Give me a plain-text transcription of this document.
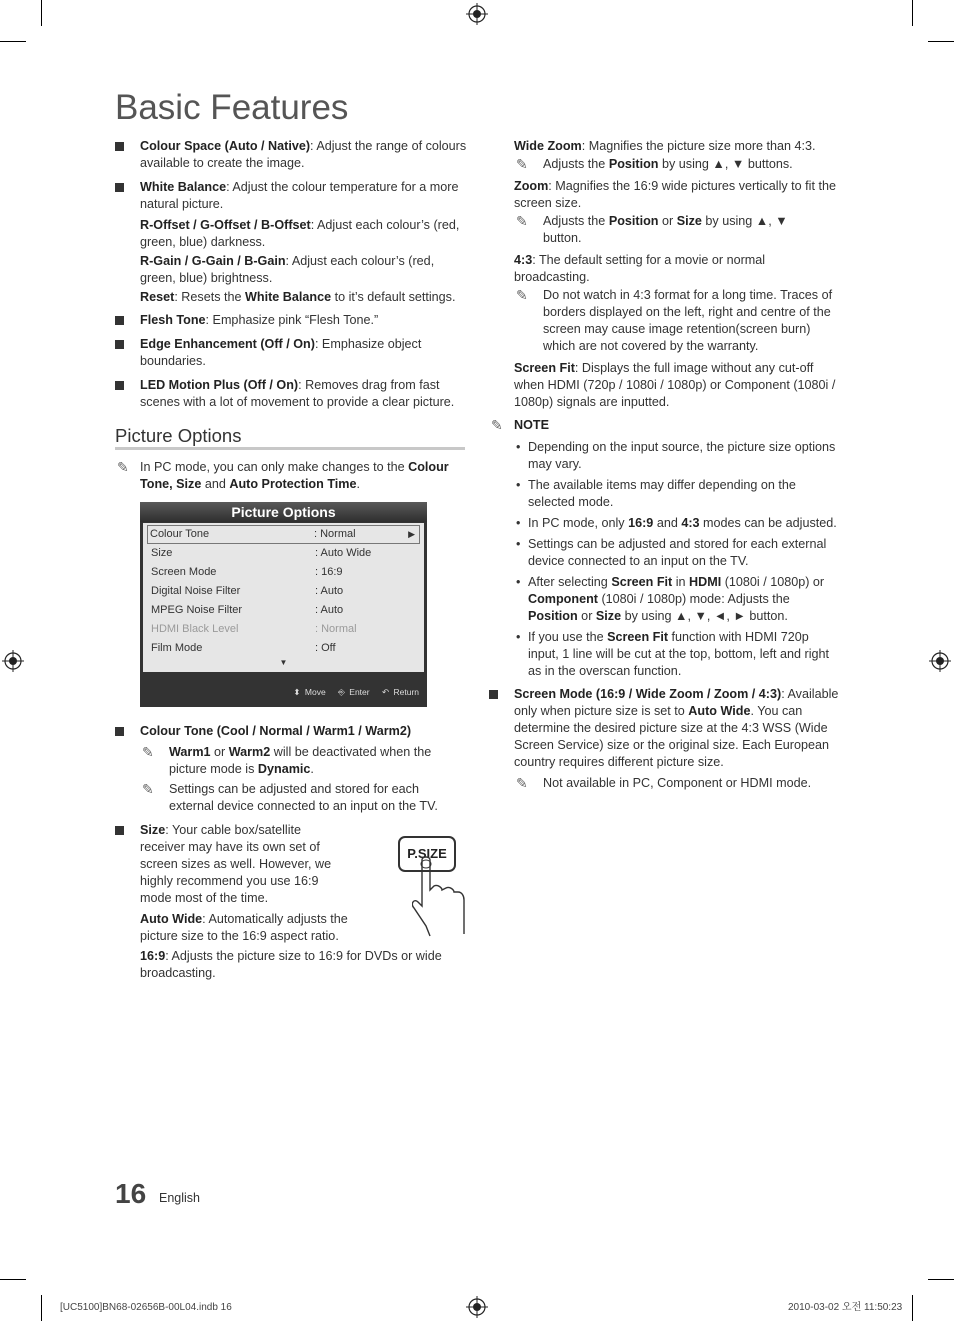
Basic Features
Colour Space (Auto / Native): Adjust the range of colours available to create the image.
White Balance: Adjust the colour temperature for a more natural picture.
R-Offset / G-Offset / B-Offset: Adjust each colour’s (red, green, blue) darkness.
R-Gain / G-Gain / B-Gain: Adjust each colour’s (red, green, blue) brightness.
Reset: Resets the White Balance to it’s default settings.
Flesh Tone: Emphasize pink “Flesh Tone.”
Edge Enhancement (Off / On): Emphasize object boundaries.
LED Motion Plus (Off / On): Removes drag from fast scenes with a lot of movement to provide a clear picture.
Picture Options
✎ In PC mode, you can only make changes to the Colour Tone, Size and Auto Protection Time.
Picture Options
Colour Tone	: Normal	▶
Size	: Auto Wide
Screen Mode	: 16:9
Digital Noise Filter	: Auto
MPEG Noise Filter	: Auto
HDMI Black Level	: Normal
Film Mode	: Off
▼
⬍ Move ⎆ Enter ↶ Return
Colour Tone (Cool / Normal / Warm1 / Warm2)
✎ Warm1 or Warm2 will be deactivated when the picture mode is Dynamic.
✎ Settings can be adjusted and stored for each external device connected to an input on the TV.
Size: Your cable box/satellite receiver may have its own set of screen sizes as well. However, we highly recommend you use 16:9 mode most of the time.
Auto Wide: Automatically adjusts the picture size to the 16:9 aspect ratio.
16:9: Adjusts the picture size to 16:9 for DVDs or wide broadcasting.
P.SIZE
Wide Zoom: Magnifies the picture size more than 4:3.
✎ Adjusts the Position by using ▲, ▼ buttons.
Zoom: Magnifies the 16:9 wide pictures vertically to fit the screen size.
✎ Adjusts the Position or Size by using ▲, ▼ button.
4:3: The default setting for a movie or normal broadcasting.
✎ Do not watch in 4:3 format for a long time. Traces of borders displayed on the left, right and centre of the screen may cause image retention(screen burn) which are not covered by the warranty.
Screen Fit: Displays the full image without any cut-off when HDMI (720p / 1080i / 1080p) or Component (1080i / 1080p) signals are inputted.
✎ NOTE
• Depending on the input source, the picture size options may vary.
• The available items may differ depending on the selected mode.
• In PC mode, only 16:9 and 4:3 modes can be adjusted.
• Settings can be adjusted and stored for each external device connected to an input on the TV.
• After selecting Screen Fit in HDMI (1080i / 1080p) or Component (1080i / 1080p) mode: Adjusts the Position or Size by using ▲, ▼, ◄, ► button.
• If you use the Screen Fit function with HDMI 720p input, 1 line will be cut at the top, bottom, left and right as in the overscan function.
Screen Mode (16:9 / Wide Zoom / Zoom / 4:3): Available only when picture size is set to Auto Wide. You can determine the desired picture size at the 4:3 WSS (Wide Screen Service) size or the original size. Each European country requires different picture size.
✎ Not available in PC, Component or HDMI mode.
16 English
[UC5100]BN68-02656B-00L04.indb 16	2010-03-02 오전 11:50:23
